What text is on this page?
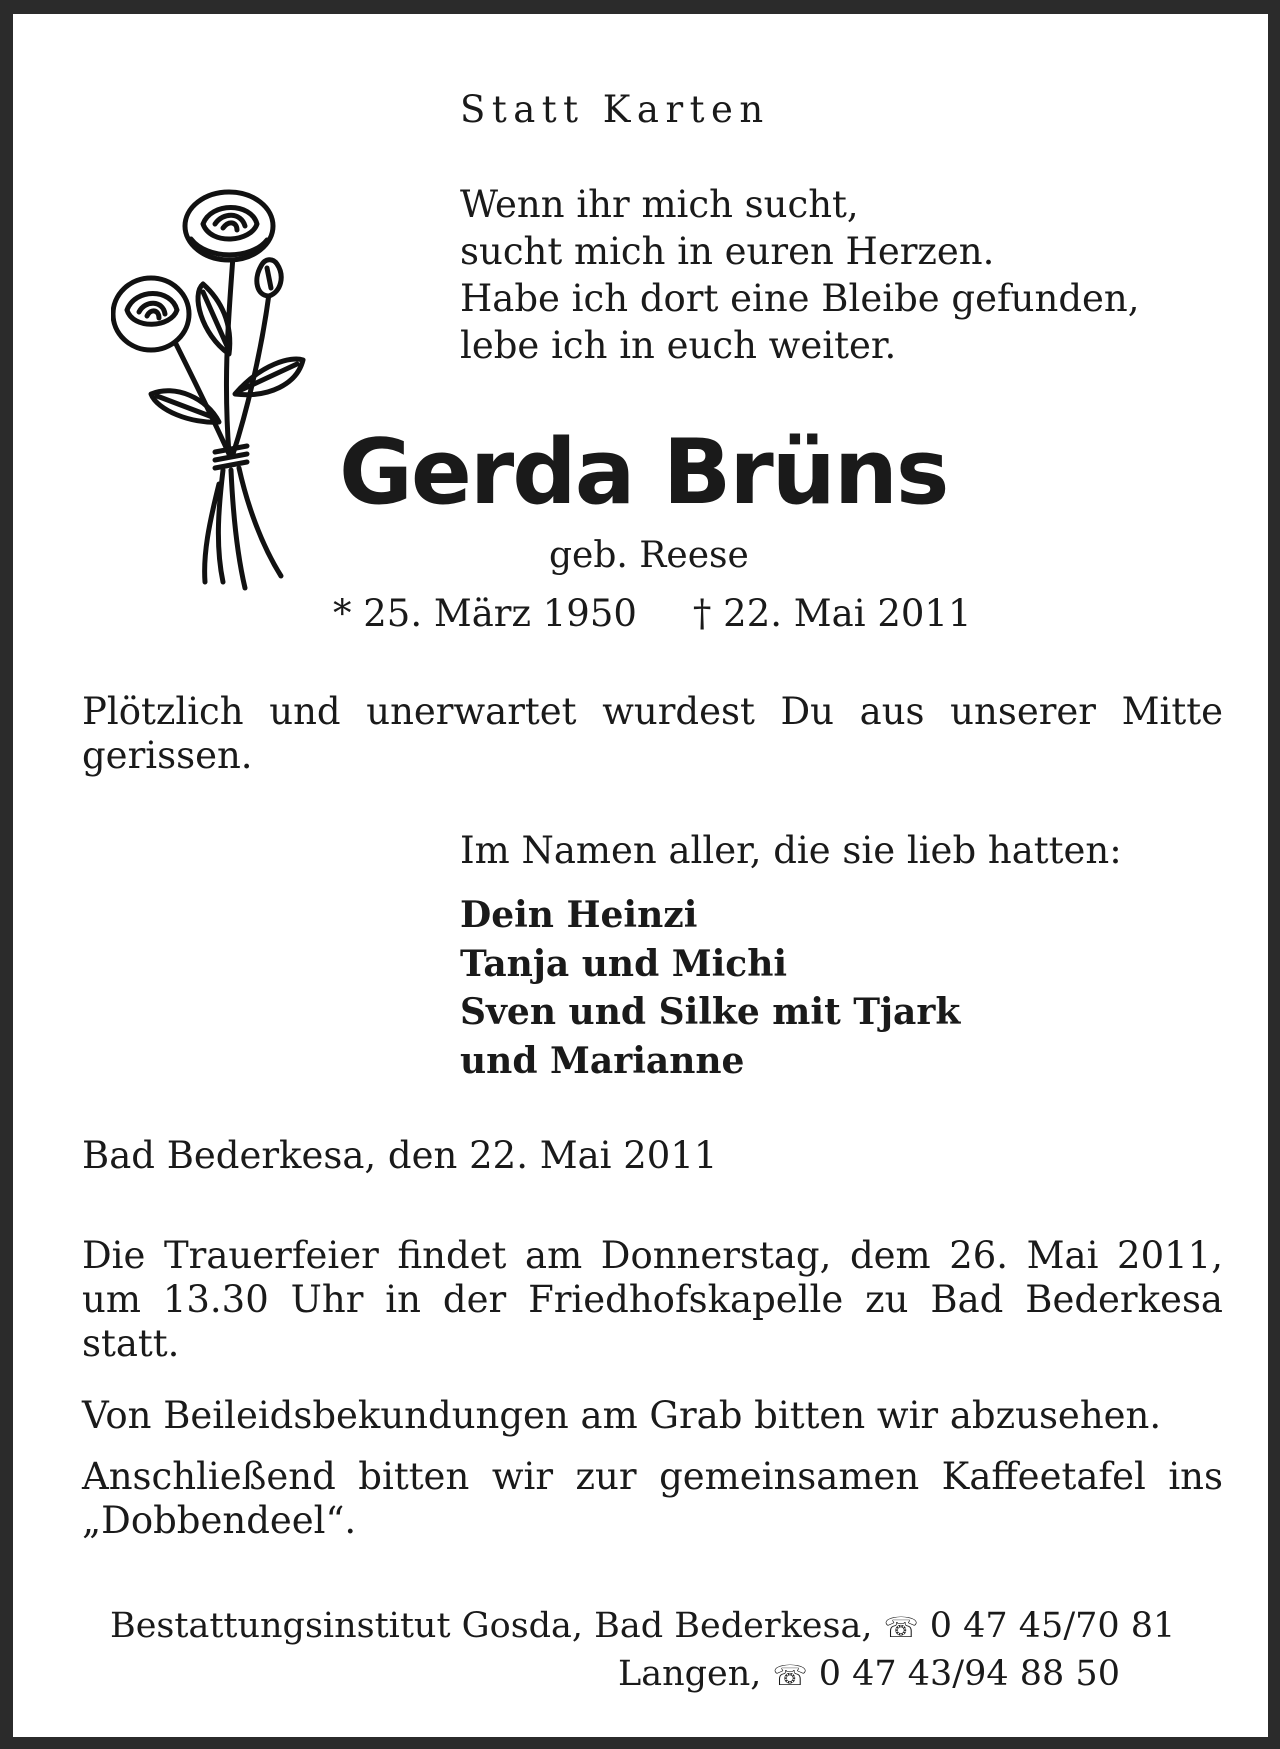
Statt Karten
Wenn ihr mich sucht,
sucht mich in euren Herzen.
Habe ich dort eine Bleibe gefunden,
lebe ich in euch weiter.
Gerda Brüns
geb. Reese
* 25. März 1950 † 22. Mai 2011
Plötzlich und unerwartet wurdest Du aus unserer Mitte gerissen.
Im Namen aller, die sie lieb hatten:
Dein Heinzi
Tanja und Michi
Sven und Silke mit Tjark
und Marianne
Bad Bederkesa, den 22. Mai 2011
Die Trauerfeier findet am Donnerstag, dem 26. Mai 2011, um 13.30 Uhr in der Friedhofskapelle zu Bad Bederkesa statt.
Von Beileidsbekundungen am Grab bitten wir abzusehen.
Anschließend bitten wir zur gemeinsamen Kaffeetafel ins „Dobbendeel“.
Bestattungsinstitut Gosda, Bad Bederkesa, ☏ 0 47 45/70 81
Langen, ☏ 0 47 43/94 88 50
